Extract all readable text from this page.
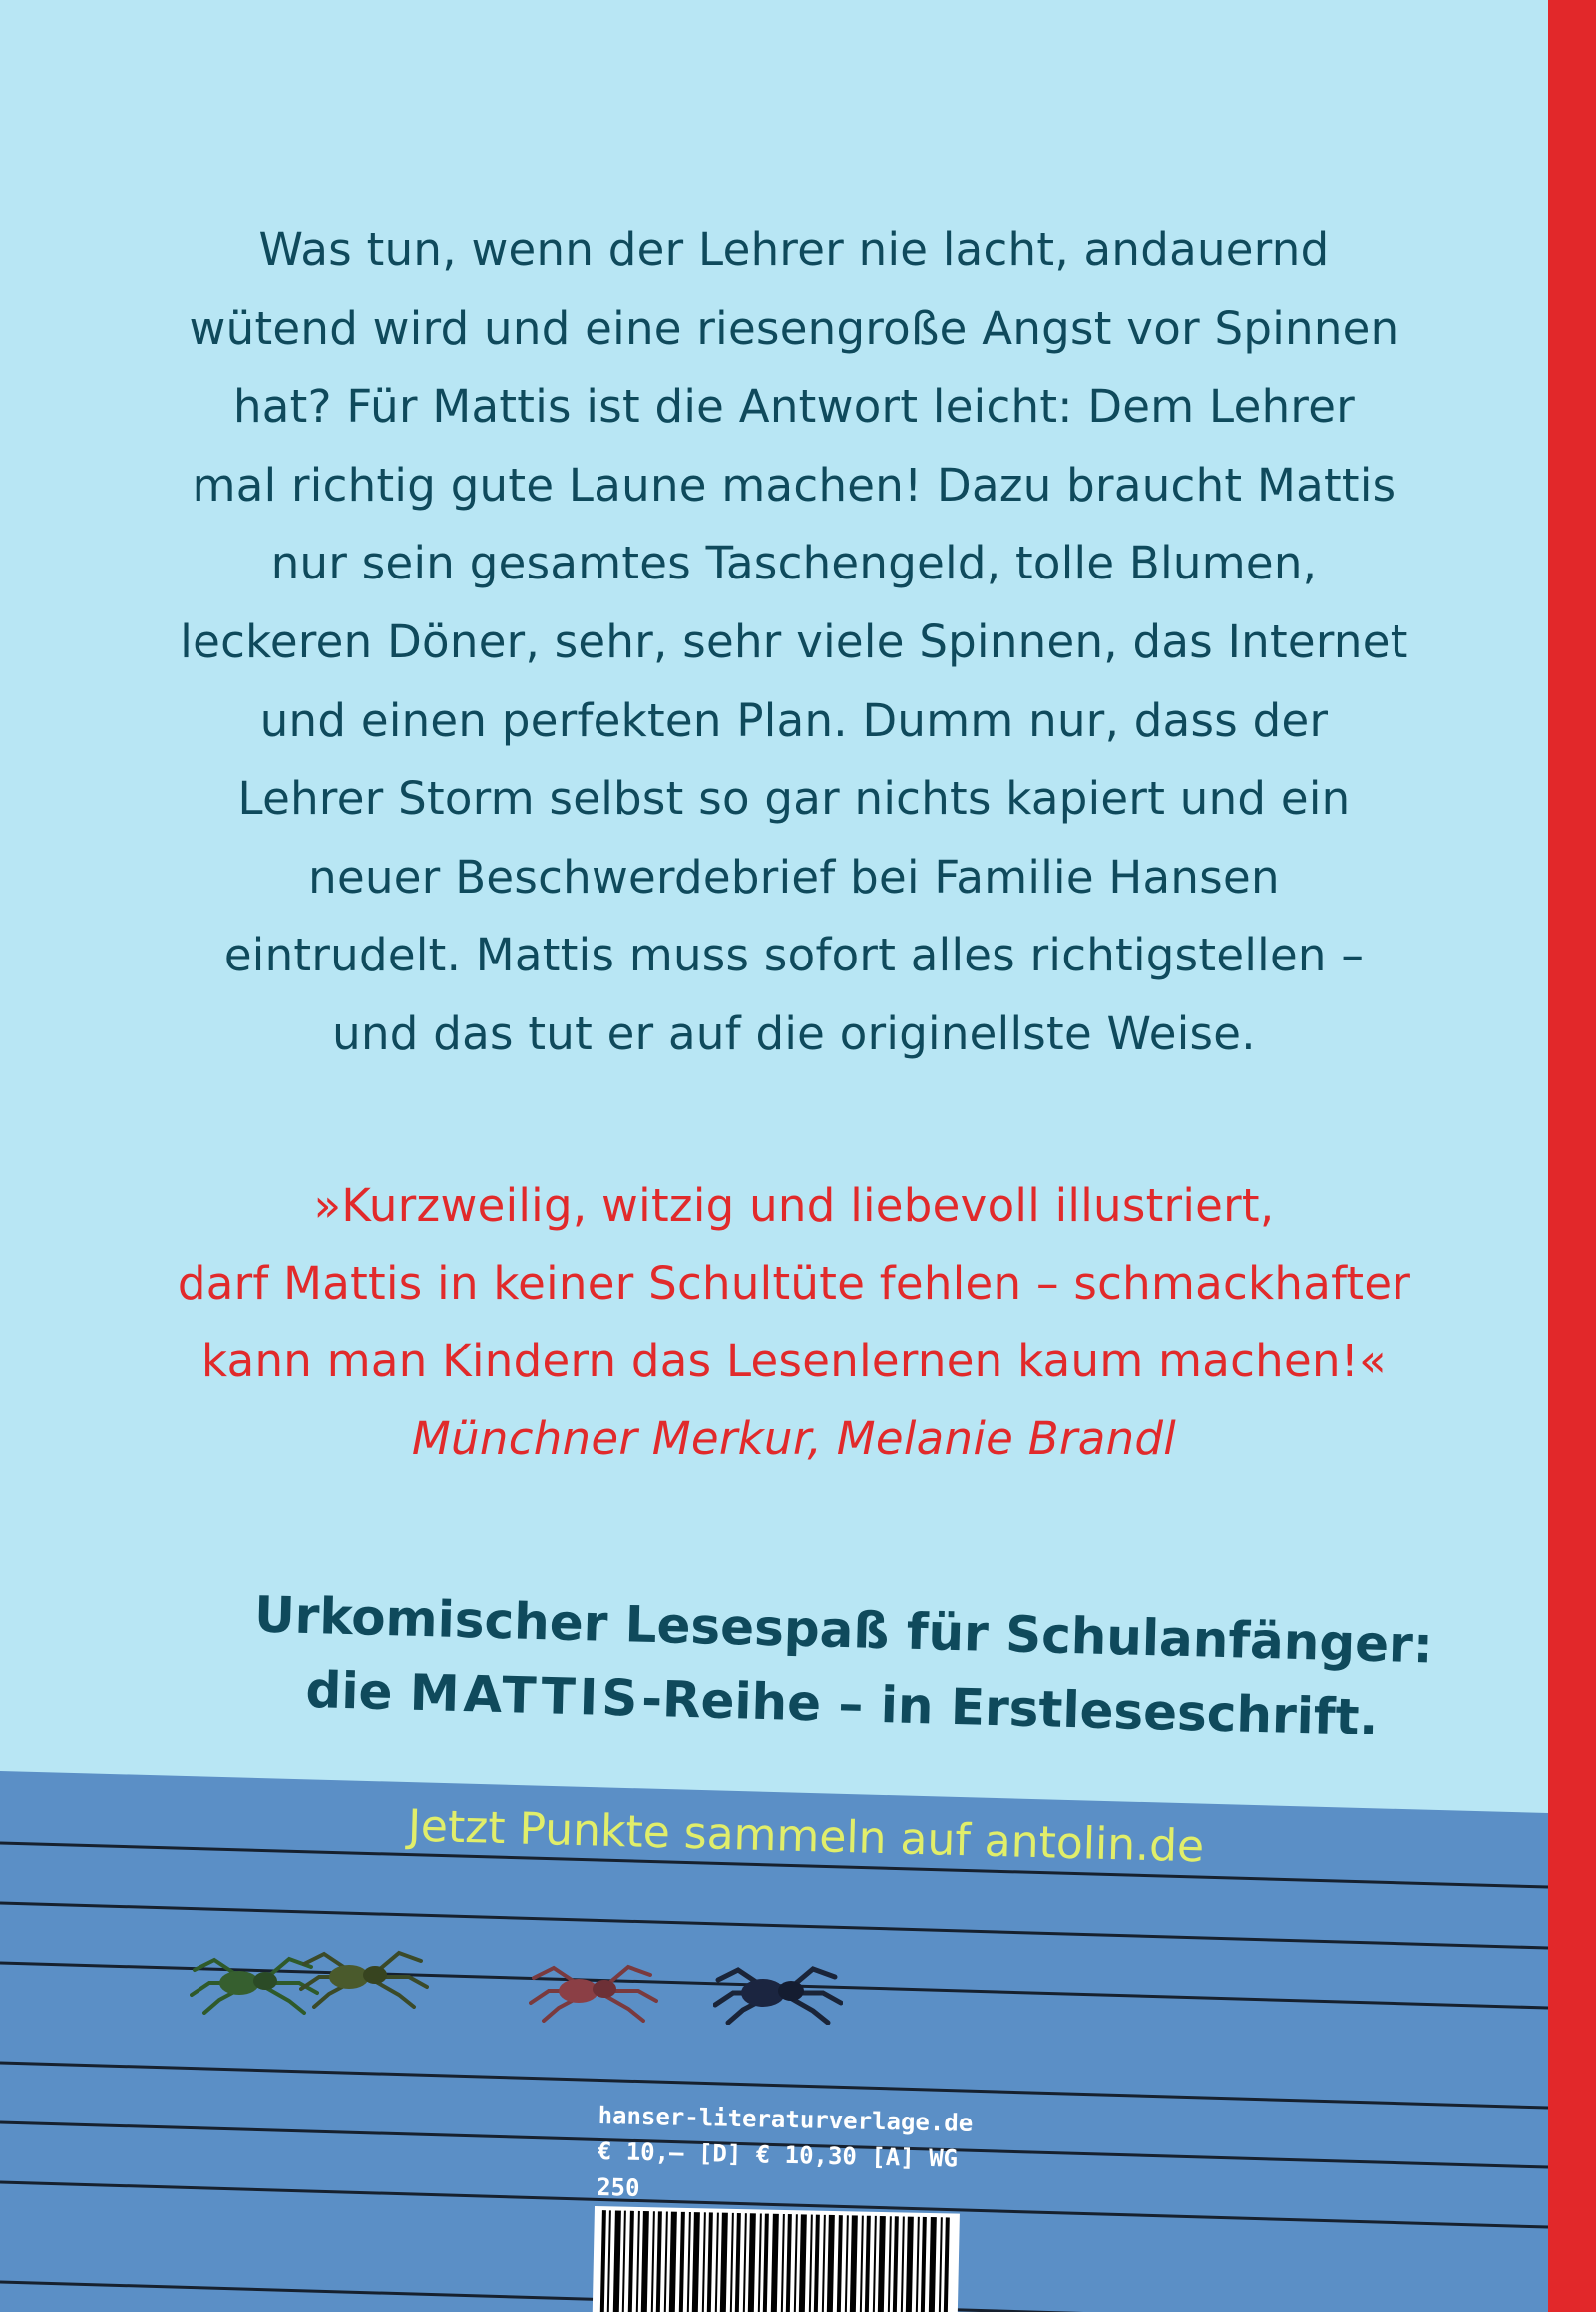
Was tun, wenn der Lehrer nie lacht, andauernd
wütend wird und eine riesengroße Angst vor Spinnen
hat? Für Mattis ist die Antwort leicht: Dem Lehrer
mal richtig gute Laune machen! Dazu braucht Mattis
nur sein gesamtes Taschengeld, tolle Blumen,
leckeren Döner, sehr, sehr viele Spinnen, das Internet
und einen perfekten Plan. Dumm nur, dass der
Lehrer Storm selbst so gar nichts kapiert und ein
neuer Beschwerdebrief bei Familie Hansen
eintrudelt. Mattis muss sofort alles richtigstellen –
und das tut er auf die originellste Weise.
»Kurzweilig, witzig und liebevoll illustriert,
darf Mattis in keiner Schultüte fehlen – schmackhafter
kann man Kindern das Lesenlernen kaum machen!«
Münchner Merkur, Melanie Brandl
Urkomischer Lesespaß für Schulanfänger:
die MATTIS-Reihe – in Erstleseschrift.
Jetzt Punkte sammeln auf antolin.de
hanser-literaturverlage.de
€ 10,– [D] € 10,30 [A] WG 250
